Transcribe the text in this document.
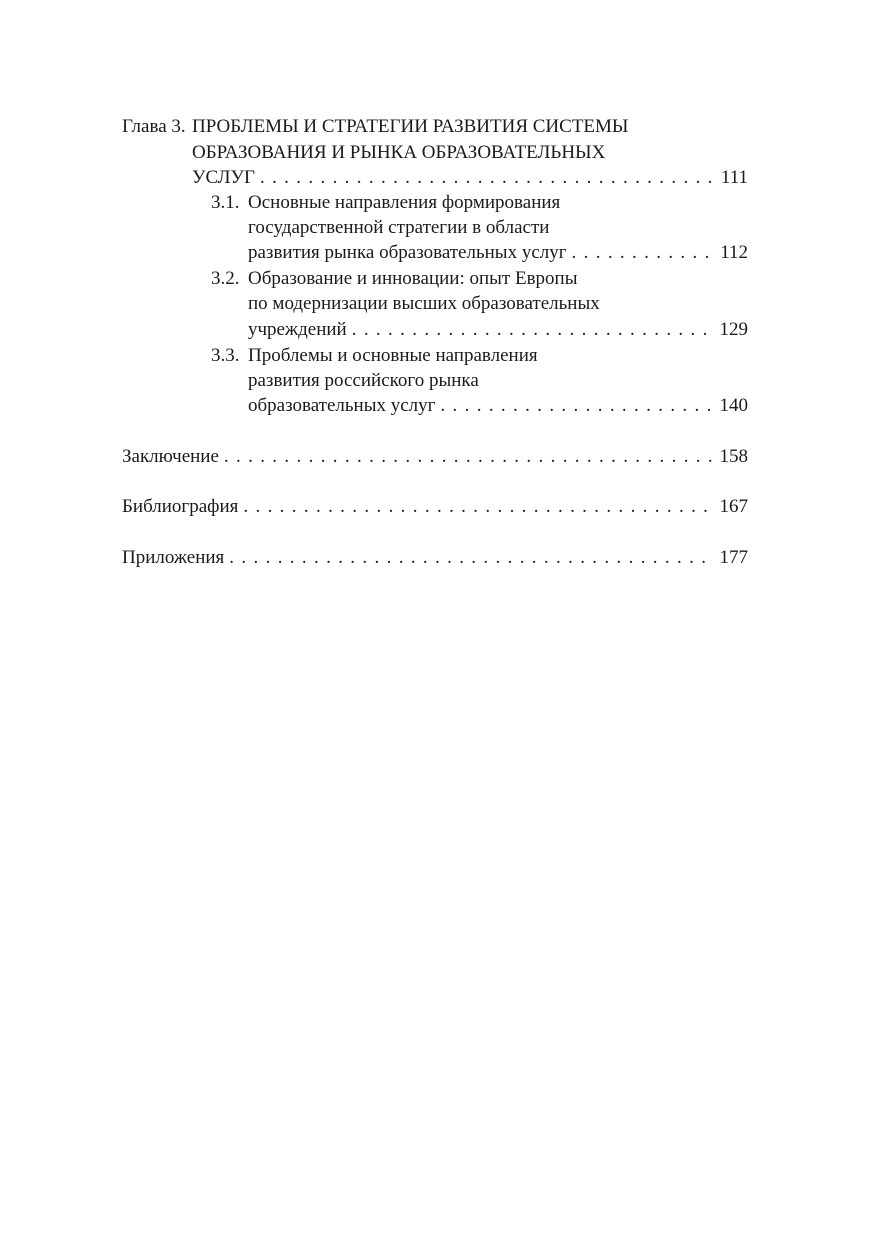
Глава 3. ПРОБЛЕМЫ И СТРАТЕГИИ РАЗВИТИЯ СИСТЕМЫ
ОБРАЗОВАНИЯ И РЫНКА ОБРАЗОВАТЕЛЬНЫХ
УСЛУГ . . .	111
3.1. Основные направления формирования
государственной стратегии в области
развития рынка образовательных услуг . . .	112
3.2. Образование и инновации: опыт Европы
по модернизации высших образовательных
учреждений . . .	129
3.3. Проблемы и основные направления
развития российского рынка
образовательных услуг . . .	140
Заключение . . .	158
Библиография . . .	167
Приложения . . .	177
